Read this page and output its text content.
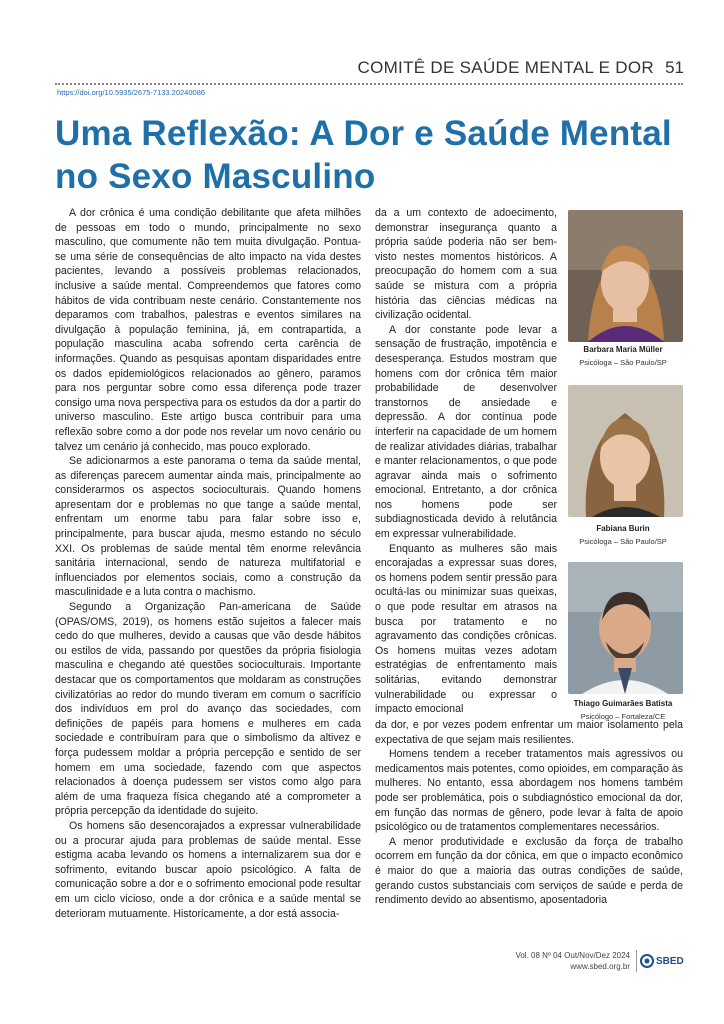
COMITÊ DE SAÚDE MENTAL E DOR 51
https://doi.org/10.5935/2675-7133.20240086
Uma Reflexão: A Dor e Saúde Mental no Sexo Masculino

A dor crônica é uma condição debilitante que afeta milhões de pessoas em todo o mundo, principalmente no sexo masculino, que comumente não tem muita divulgação. Pontua-se uma série de consequências de alto impacto na vida destes pacientes, levando a possíveis problemas relacionados, inclusive a saúde mental. Compreendemos que fatores como hábitos de vida contribuam neste cenário. Constantemente nos deparamos com trabalhos, palestras e eventos similares na divulgação à população feminina, já, em contrapartida, a população masculina acaba sofrendo certa carência de informações. Quando as pesquisas apontam disparidades entre os dados epidemiológicos relacionados ao gênero, paramos para nos perguntar sobre como essa diferença pode trazer consigo uma nova perspectiva para os estudos da dor a partir do universo masculino. Este artigo busca contribuir para uma reflexão sobre como a dor pode nos revelar um novo cenário ou talvez um cenário já conhecido, mas pouco explorado.

Se adicionarmos a este panorama o tema da saúde mental, as diferenças parecem aumentar ainda mais, principalmente ao considerarmos os aspectos socioculturais. Quando homens apresentam dor e problemas no que tange a saúde mental, enfrentam um enorme tabu para falar sobre isso e, principalmente, para buscar ajuda, mesmo estando no século XXI. Os problemas de saúde mental têm enorme relevância sanitária internacional, sendo de natureza multifatorial e influenciados por elementos sociais, como a construção da masculinidade e a luta contra o machismo.

Segundo a Organização Pan-americana de Saúde (OPAS/OMS, 2019), os homens estão sujeitos a falecer mais cedo do que mulheres, devido a causas que vão desde hábitos ou estilos de vida, passando por questões da própria fisiologia masculina e chegando até questões socioculturais. Importante destacar que os comportamentos que moldaram as construções civilizatórias ao redor do mundo tiveram em comum o sacrifício dos indivíduos em prol do avanço das sociedades, com definições de papéis para homens e mulheres em cada sociedade e contribuíram para que o simbolismo da altivez e força pudessem moldar a própria percepção e sentido de ser homem em uma sociedade, fazendo com que aspectos relacionados à doença pudessem ser vistos como algo para além de uma fraqueza física chegando até a comprometer a própria percepção da identidade do sujeito.

Os homens são desencorajados a expressar vulnerabilidade ou a procurar ajuda para problemas de saúde mental. Esse estigma acaba levando os homens a internalizarem sua dor e sofrimento, evitando buscar apoio psicológico. A falta de comunicação sobre a dor e o sofrimento emocional pode resultar em um ciclo vicioso, onde a dor crônica e a saúde mental se deterioram mutuamente. Historicamente, a dor está associa-

da a um contexto de adoecimento, demonstrar insegurança quanto a própria saúde poderia não ser bem-visto nestes momentos históricos. A preocupação do homem com a sua saúde se mistura com a própria história das ciências médicas na civilização ocidental.

A dor constante pode levar a sensação de frustração, impotência e desesperança. Estudos mostram que homens com dor crônica têm maior probabilidade de desenvolver transtornos de ansiedade e depressão. A dor contínua pode interferir na capacidade de um homem de realizar atividades diárias, trabalhar e manter relacionamentos, o que pode agravar ainda mais o sofrimento emocional. Entretanto, a dor crônica nos homens pode ser subdiagnosticada devido à relutância em expressar vulnerabilidade.

Enquanto as mulheres são mais encorajadas a expressar suas dores, os homens podem sentir pressão para ocultá-las ou minimizar suas queixas, o que pode resultar em atrasos na busca por tratamento e no agravamento das condições crônicas. Os homens muitas vezes adotam estratégias de enfrentamento mais solitárias, evitando demonstrar vulnerabilidade ou expressar o impacto emocional

da dor, e por vezes podem enfrentar um maior isolamento pela expectativa de que sejam mais resilientes.

Homens tendem a receber tratamentos mais agressivos ou medicamentos mais potentes, como opioides, em comparação às mulheres. No entanto, essa abordagem nos homens também pode ser problemática, pois o subdiagnóstico emocional da dor, em função das normas de gênero, pode levar à falta de apoio psicológico ou de tratamentos complementares necessários.

A menor produtividade e exclusão da força de trabalho ocorrem em função da dor cônica, em que o impacto econômico é maior do que a maioria das outras condições de saúde, gerando custos substanciais com serviços de saúde e perda de rendimento devido ao absentismo, aposentadoria

Barbara Maria Müller
Psicóloga – São Paulo/SP
Fabiana Burin
Psicóloga – São Paulo/SP
Thiago Guimarães Batista
Psicólogo – Fortaleza/CE
Vol. 08 Nº 04 Out/Nov/Dez 2024
www.sbed.org.br	SBED
